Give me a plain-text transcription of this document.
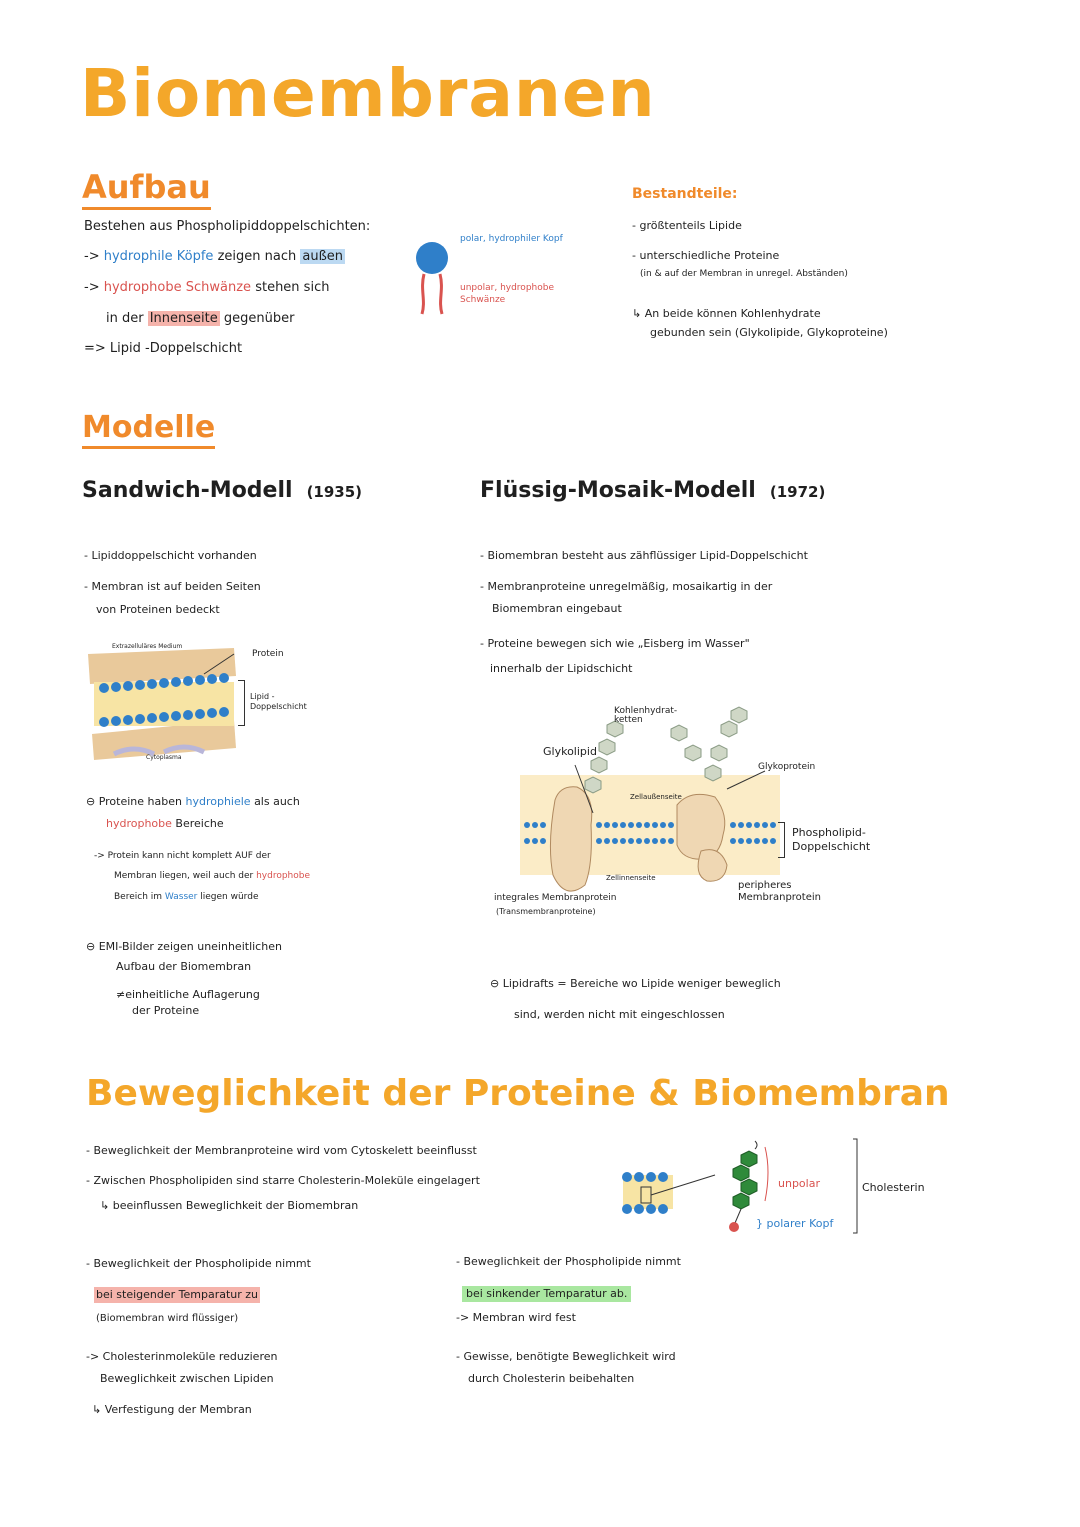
Biomembranen
Aufbau
Bestehen aus Phospholipiddoppelschichten:
-> hydrophile Köpfe zeigen nach außen
-> hydrophobe Schwänze stehen sich
in der Innenseite gegenüber
=> Lipid -Doppelschicht
polar, hydrophiler Kopf
unpolar, hydrophobe Schwänze
Bestandteile:
- größtenteils Lipide
- unterschiedliche Proteine
(in & auf der Membran in unregel. Abständen)
↳ An beide können Kohlenhydrate
gebunden sein (Glykolipide, Glykoproteine)
Modelle
Sandwich-Modell (1935)
- Lipiddoppelschicht vorhanden
- Membran ist auf beiden Seiten
von Proteinen bedeckt
Extrazelluläres Medium
Protein
Lipid - Doppelschicht
Cytoplasma
⊖ Proteine haben hydrophiele als auch
hydrophobe Bereiche
-> Protein kann nicht komplett AUF der
Membran liegen, weil auch der hydrophobe
Bereich im Wasser liegen würde
⊖ EMI-Bilder zeigen uneinheitlichen
Aufbau der Biomembran
≠einheitliche Auflagerung
der Proteine
Flüssig-Mosaik-Modell (1972)
- Biomembran besteht aus zähflüssiger Lipid-Doppelschicht
- Membranproteine unregelmäßig, mosaikartig in der
Biomembran eingebaut
- Proteine bewegen sich wie „Eisberg im Wasser"
innerhalb der Lipidschicht
Kohlenhydrat-ketten
Glykolipid
Glykoprotein
Zellaußenseite
Zellinnenseite
Phospholipid-Doppelschicht
integrales Membranprotein
(Transmembranproteine)
peripheres Membranprotein
⊖ Lipidrafts = Bereiche wo Lipide weniger beweglich
sind, werden nicht mit eingeschlossen
Beweglichkeit der Proteine & Biomembran
- Beweglichkeit der Membranproteine wird vom Cytoskelett beeinflusst
- Zwischen Phospholipiden sind starre Cholesterin-Moleküle eingelagert
↳ beeinflussen Beweglichkeit der Biomembran
unpolar
} polarer Kopf
Cholesterin
- Beweglichkeit der Phospholipide nimmt
bei steigender Temparatur zu
(Biomembran wird flüssiger)
-> Cholesterinmoleküle reduzieren
Beweglichkeit zwischen Lipiden
↳ Verfestigung der Membran
- Beweglichkeit der Phospholipide nimmt
bei sinkender Temparatur ab.
-> Membran wird fest
- Gewisse, benötigte Beweglichkeit wird
durch Cholesterin beibehalten
